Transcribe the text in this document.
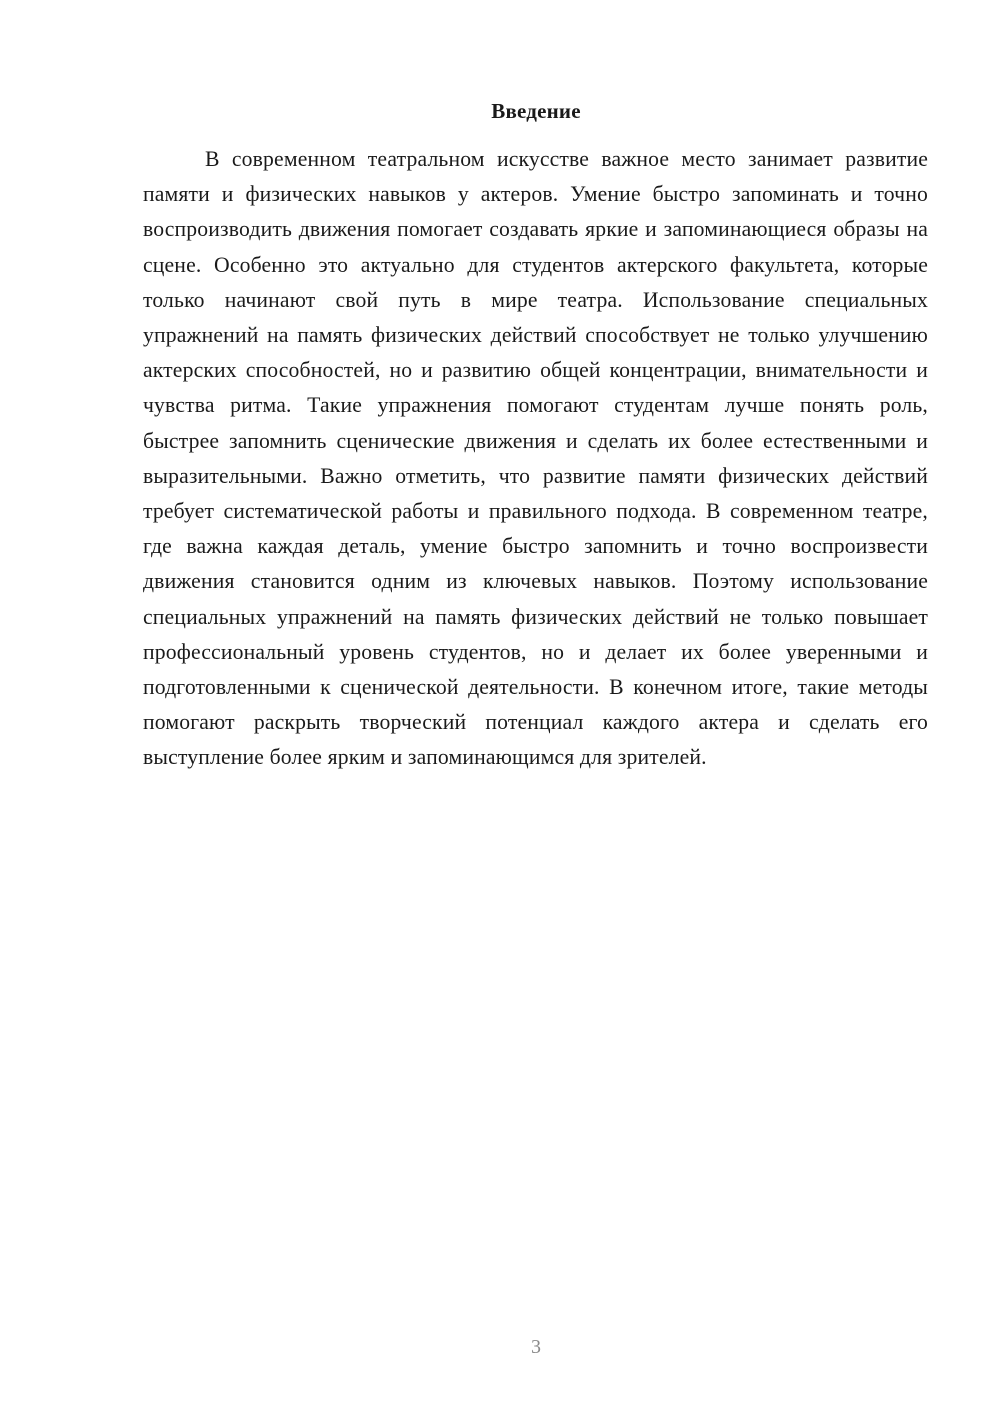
Введение

В современном театральном искусстве важное место занимает развитие памяти и физических навыков у актеров. Умение быстро запоминать и точно воспроизводить движения помогает создавать яркие и запоминающиеся образы на сцене. Особенно это актуально для студентов актерского факультета, которые только начинают свой путь в мире театра. Использование специальных упражнений на память физических действий способствует не только улучшению актерских способностей, но и развитию общей концентрации, внимательности и чувства ритма. Такие упражнения помогают студентам лучше понять роль, быстрее запомнить сценические движения и сделать их более естественными и выразительными. Важно отметить, что развитие памяти физических действий требует систематической работы и правильного подхода. В современном театре, где важна каждая деталь, умение быстро запомнить и точно воспроизвести движения становится одним из ключевых навыков. Поэтому использование специальных упражнений на память физических действий не только повышает профессиональный уровень студентов, но и делает их более уверенными и подготовленными к сценической деятельности. В конечном итоге, такие методы помогают раскрыть творческий потенциал каждого актера и сделать его выступление более ярким и запоминающимся для зрителей.

3
